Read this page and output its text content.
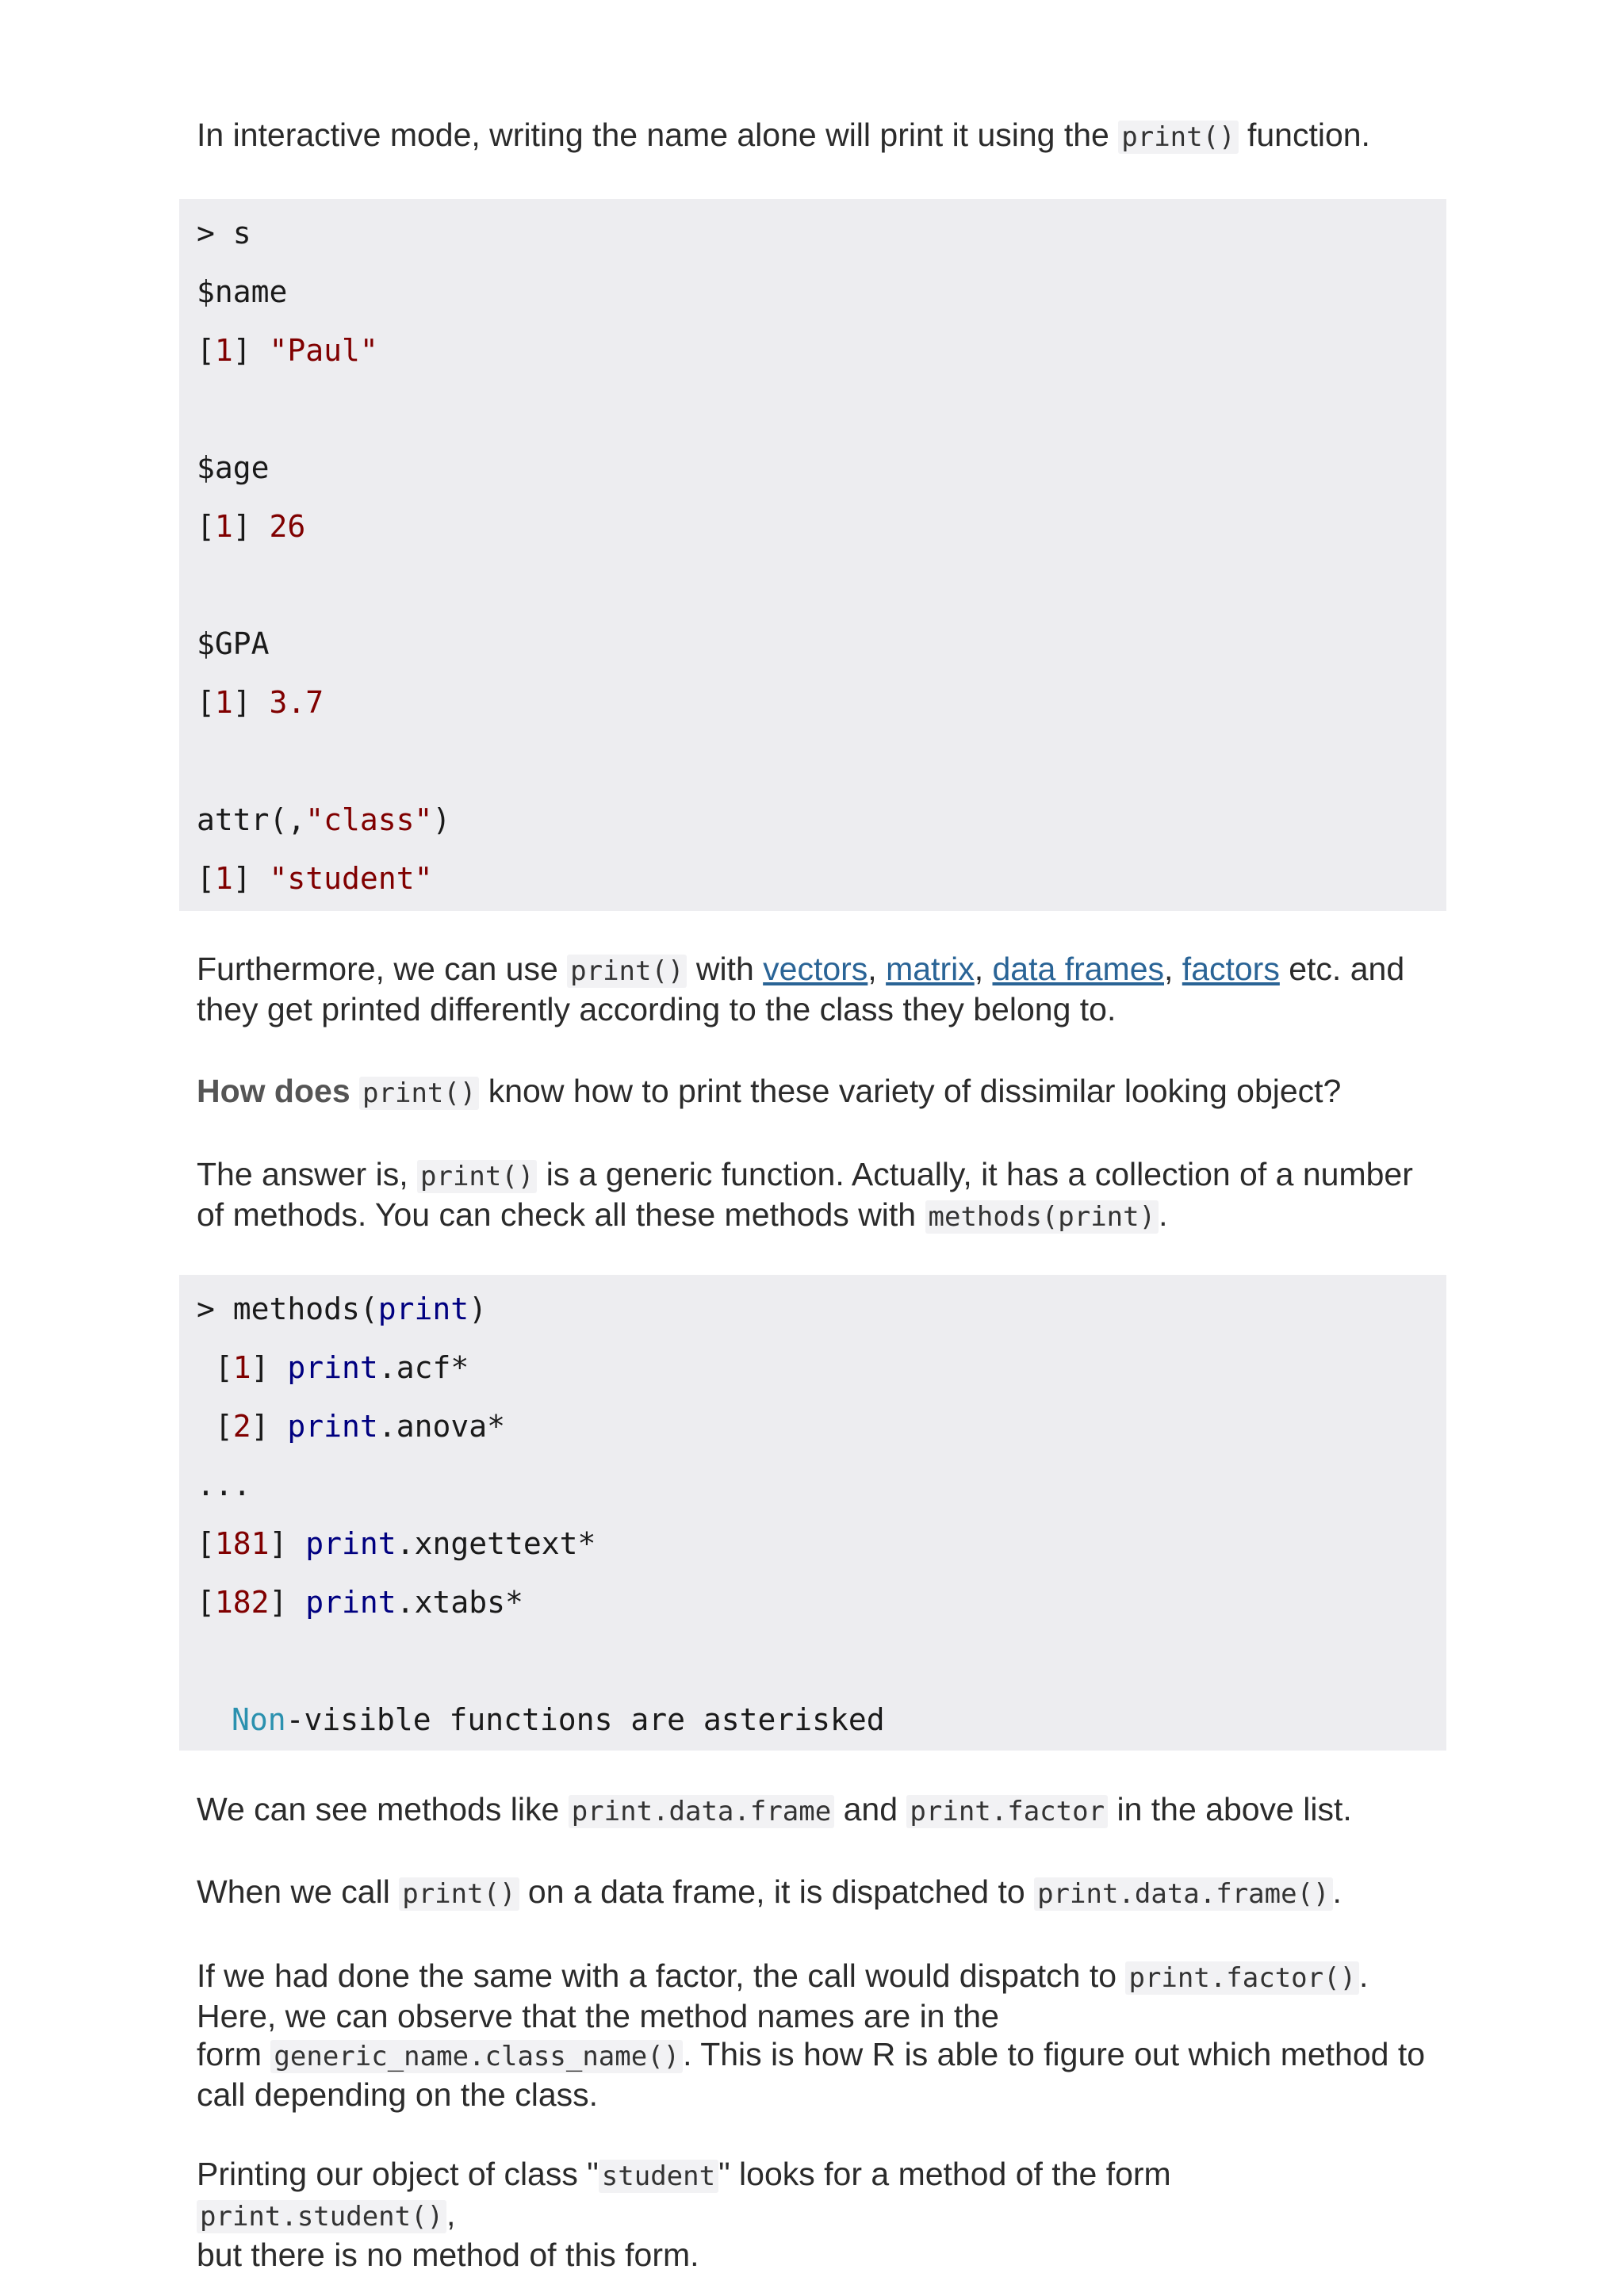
In interactive mode, writing the name alone will print it using the print() function.

> s
$name
[1] "Paul"
$age
[1] 26
$GPA
[1] 3.7
attr(,"class")
[1] "student"
Furthermore, we can use print() with vectors, matrix, data frames, factors etc. and
they get printed differently according to the class they belong to.

How does print() know how to print these variety of dissimilar looking object?

The answer is, print() is a generic function. Actually, it has a collection of a number
of methods. You can check all these methods with methods(print).
> methods(print)
[1] print.acf*
[2] print.anova*
...
[181] print.xngettext*
[182] print.xtabs*
Non-visible functions are asterisked

We can see methods like print.data.frame and print.factor in the above list.

When we call print() on a data frame, it is dispatched to print.data.frame().

If we had done the same with a factor, the call would dispatch to print.factor().
Here, we can observe that the method names are in the
form generic_name.class_name(). This is how R is able to figure out which method to
call depending on the class.
Printing our object of class " student" looks for a method of the form print.student(),
but there is no method of this form.
